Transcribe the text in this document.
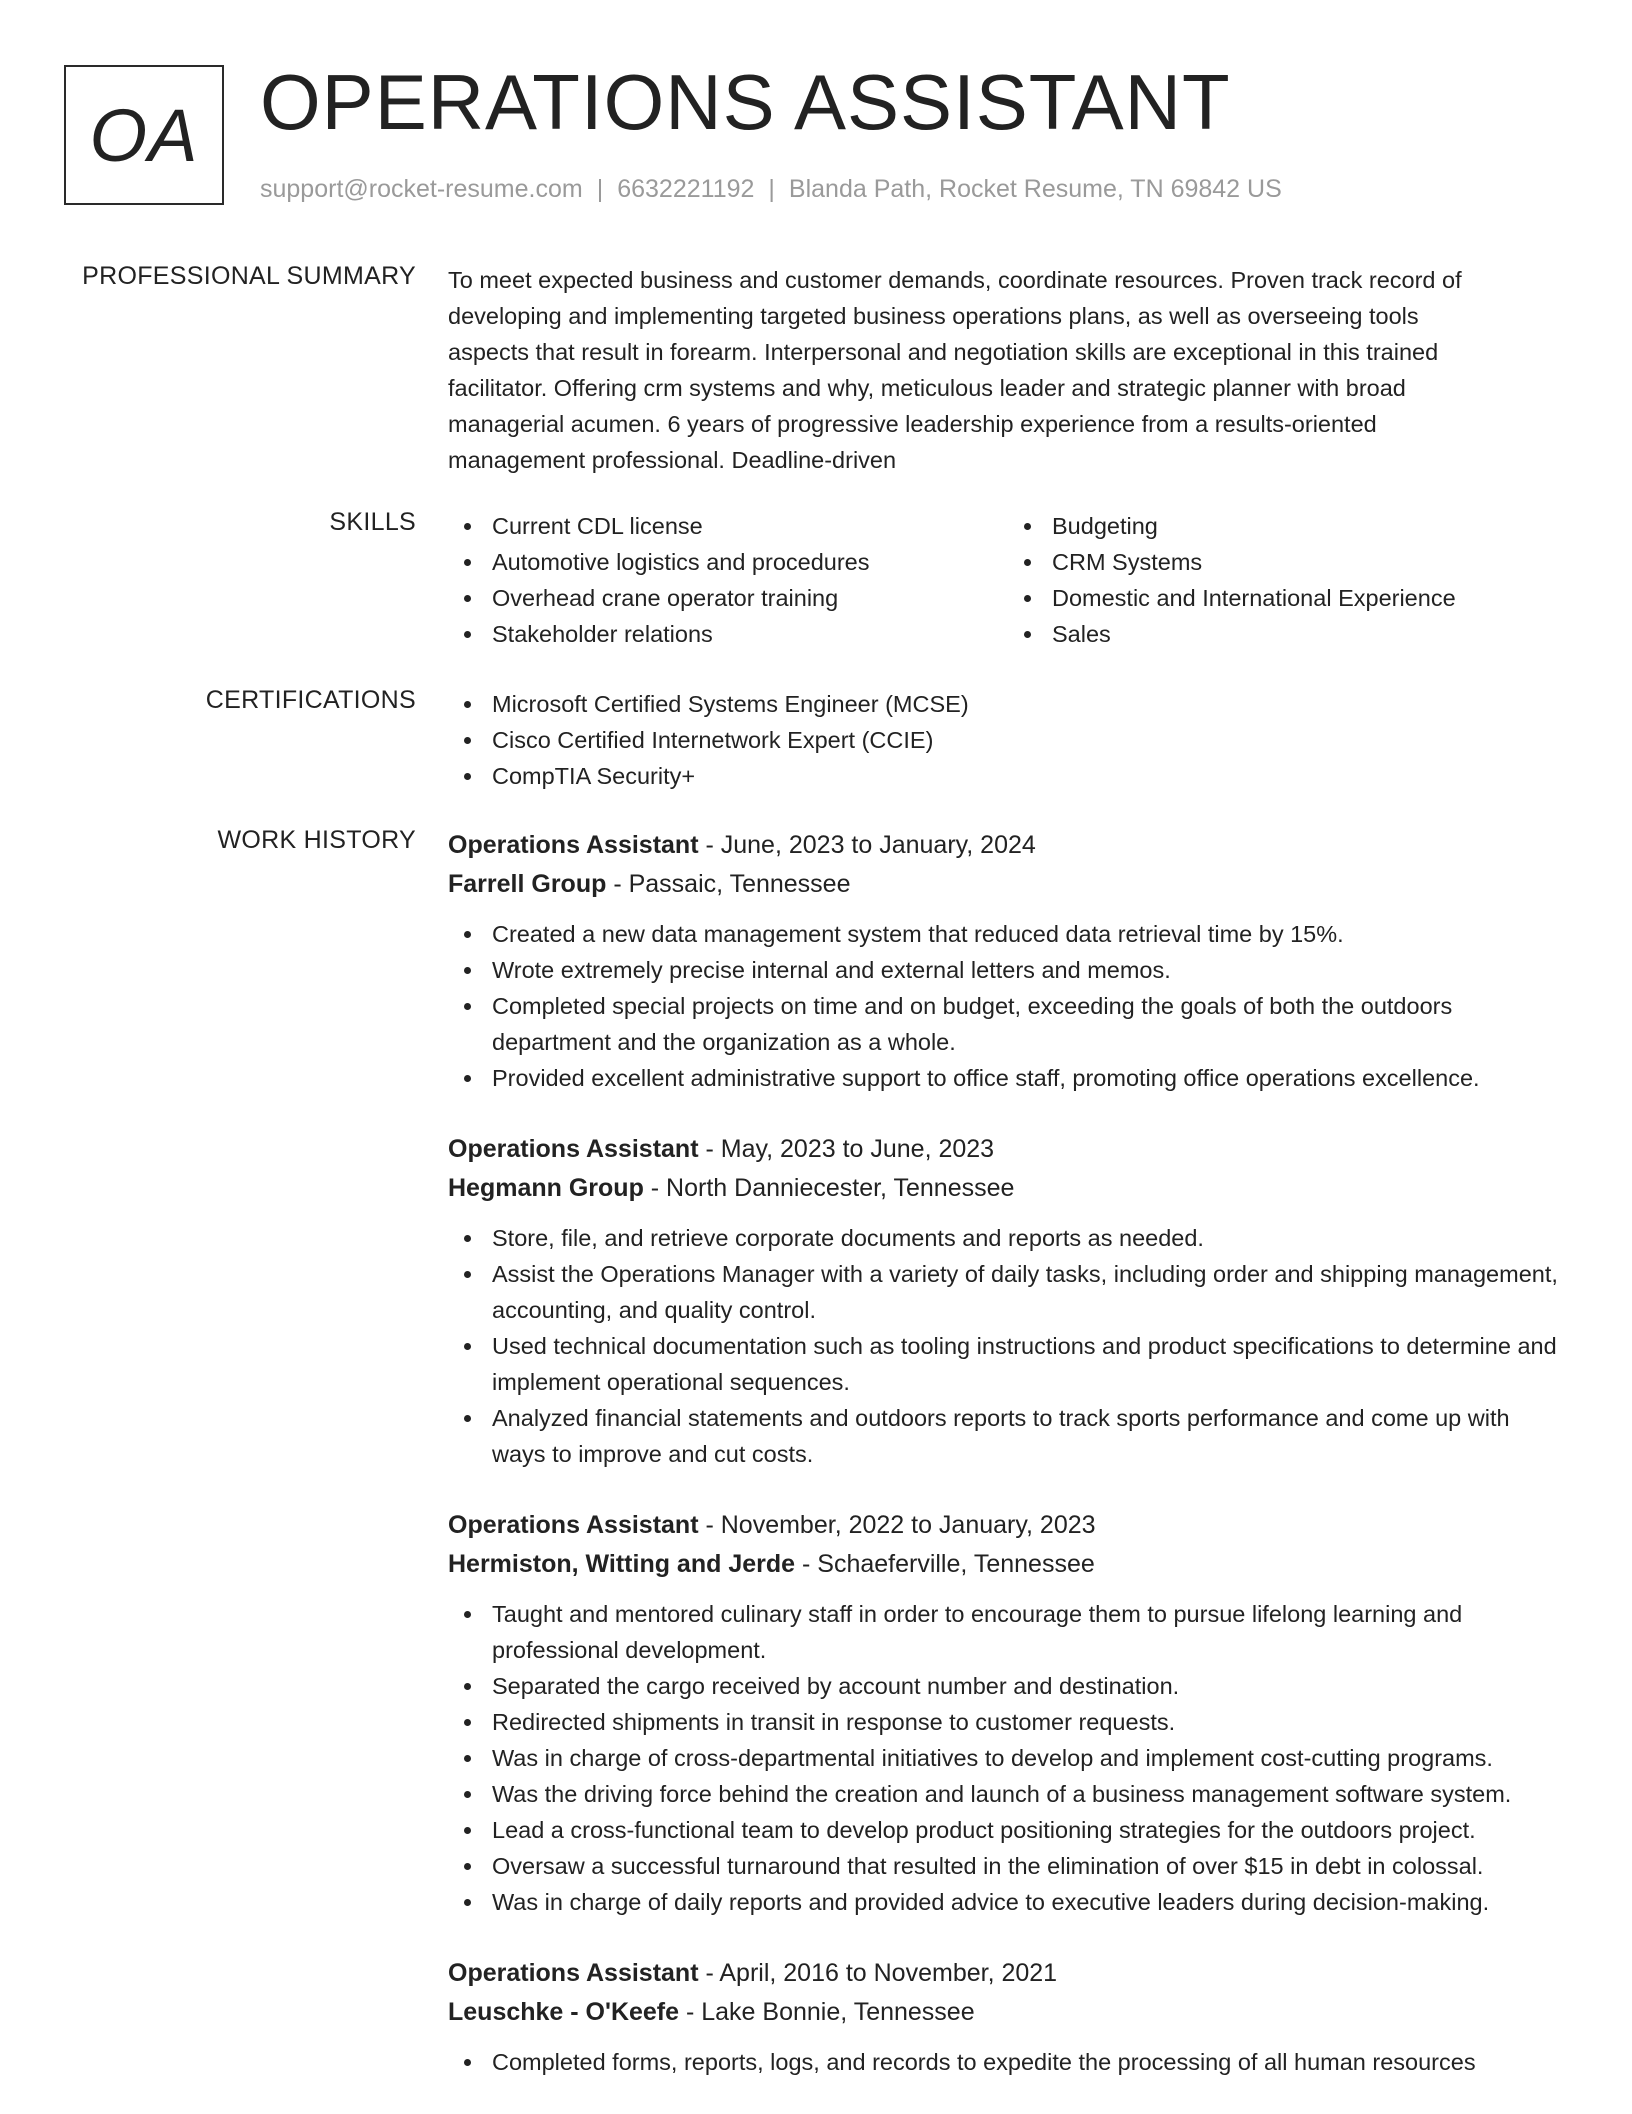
OA OPERATIONS ASSISTANT
support@rocket-resume.com | 6632221192 | Blanda Path, Rocket Resume, TN 69842 US
PROFESSIONAL SUMMARY To meet expected business and customer demands, coordinate resources. Proven track record of

developing and implementing targeted business operations plans, as well as overseeing tools

aspects that result in forearm. Interpersonal and negotiation skills are exceptional in this trained

facilitator. Offering crm systems and why, meticulous leader and strategic planner with broad

managerial acumen. 6 years of progressive leadership experience from a results-oriented

management professional. Deadline-driven

SKILLS	Current CDL license
Automotive logistics and procedures
Overhead crane operator training
Stakeholder relations
Budgeting
CRM Systems
Domestic and International Experience
Sales
CERTIFICATIONS	Microsoft Certified Systems Engineer (MCSE)
Cisco Certified Internetwork Expert (CCIE)
CompTIA Security+
WORK HISTORY Operations Assistant - June, 2023 to January, 2024
Farrell Group - Passaic, Tennessee
Created a new data management system that reduced data retrieval time by 15%.
Wrote extremely precise internal and external letters and memos.
Completed special projects on time and on budget, exceeding the goals of both the outdoors department and the organization as a whole.
Provided excellent administrative support to office staff, promoting office operations excellence.
Operations Assistant - May, 2023 to June, 2023
Hegmann Group - North Danniecester, Tennessee
Store, file, and retrieve corporate documents and reports as needed.
Assist the Operations Manager with a variety of daily tasks, including order and shipping management, accounting, and quality control.
Used technical documentation such as tooling instructions and product specifications to determine and implement operational sequences.
Analyzed financial statements and outdoors reports to track sports performance and come up with ways to improve and cut costs.
Operations Assistant - November, 2022 to January, 2023
Hermiston, Witting and Jerde - Schaeferville, Tennessee
Taught and mentored culinary staff in order to encourage them to pursue lifelong learning and professional development.
Separated the cargo received by account number and destination.
Redirected shipments in transit in response to customer requests.
Was in charge of cross-departmental initiatives to develop and implement cost-cutting programs.
Was the driving force behind the creation and launch of a business management software system.
Lead a cross-functional team to develop product positioning strategies for the outdoors project.
Oversaw a successful turnaround that resulted in the elimination of over $15 in debt in colossal.
Was in charge of daily reports and provided advice to executive leaders during decision-making.
Operations Assistant - April, 2016 to November, 2021
Leuschke - O'Keefe - Lake Bonnie, Tennessee
Completed forms, reports, logs, and records to expedite the processing of all human resources
